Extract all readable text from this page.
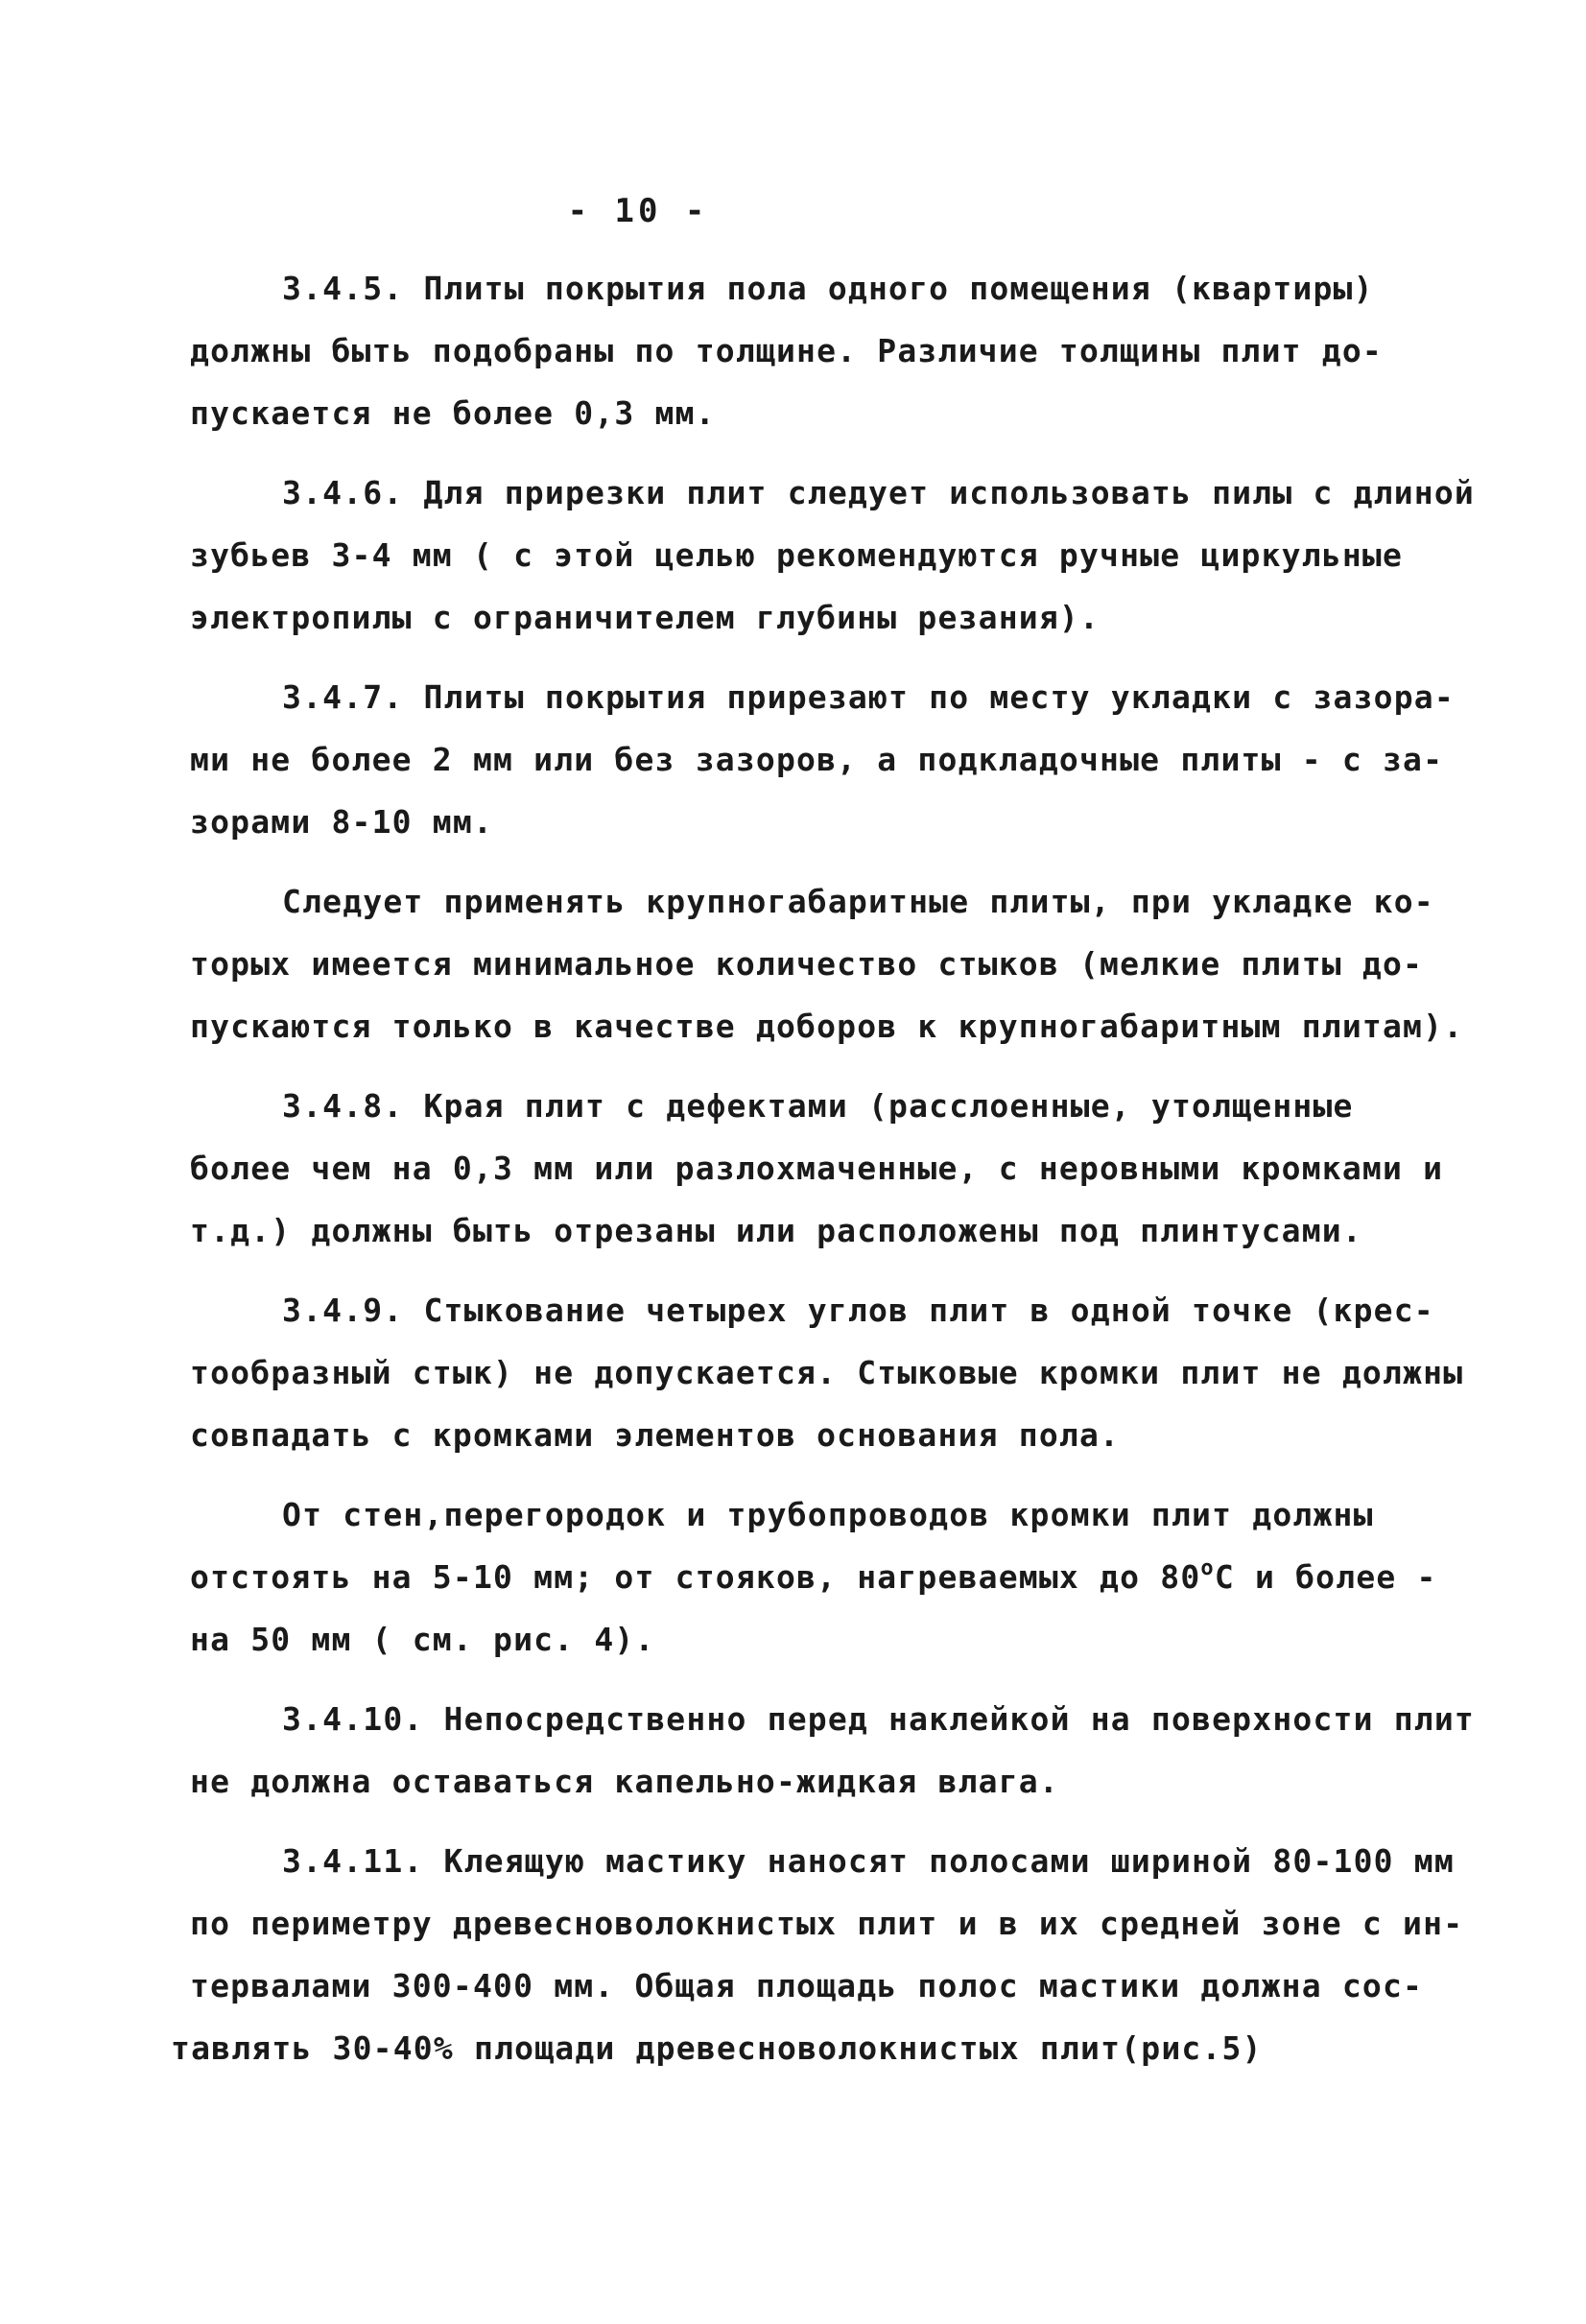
- 10 -
3.4.5. Плиты покрытия пола одного помещения (квартиры)
должны быть подобраны по толщине. Различие толщины плит до-
пускается не более 0,3 мм.
3.4.6. Для прирезки плит следует использовать пилы с длиной
зубьев 3-4 мм ( с этой целью рекомендуются ручные циркульные
электропилы с ограничителем глубины резания).
3.4.7. Плиты покрытия прирезают по месту укладки с зазора-
ми не более 2 мм или без зазоров, а подкладочные плиты - с за-
зорами 8-10 мм.
Следует применять крупногабаритные плиты, при укладке ко-
торых имеется минимальное количество стыков (мелкие плиты до-
пускаются только в качестве доборов к крупногабаритным плитам).
3.4.8. Края плит с дефектами (расслоенные, утолщенные
более чем на 0,3 мм или разлохмаченные, с неровными кромками и
т.д.) должны быть отрезаны или расположены под плинтусами.
3.4.9. Стыкование четырех углов плит в одной точке (крес-
тообразный стык) не допускается. Стыковые кромки плит не должны
совпадать с кромками элементов основания пола.
От стен,перегородок и трубопроводов кромки плит должны
отстоять на 5-10 мм; от стояков, нагреваемых до 80$^o$С и более -
на 50 мм ( см. рис. 4).
3.4.10. Непосредственно перед наклейкой на поверхности плит
не должна оставаться капельно-жидкая влага.
3.4.11. Клеящую мастику наносят полосами шириной 80-100 мм
по периметру древесноволокнистых плит и в их средней зоне с ин-
тервалами 300-400 мм. Общая площадь полос мастики должна сос-
тавлять 30-40% площади древесноволокнистых плит(рис.5)
